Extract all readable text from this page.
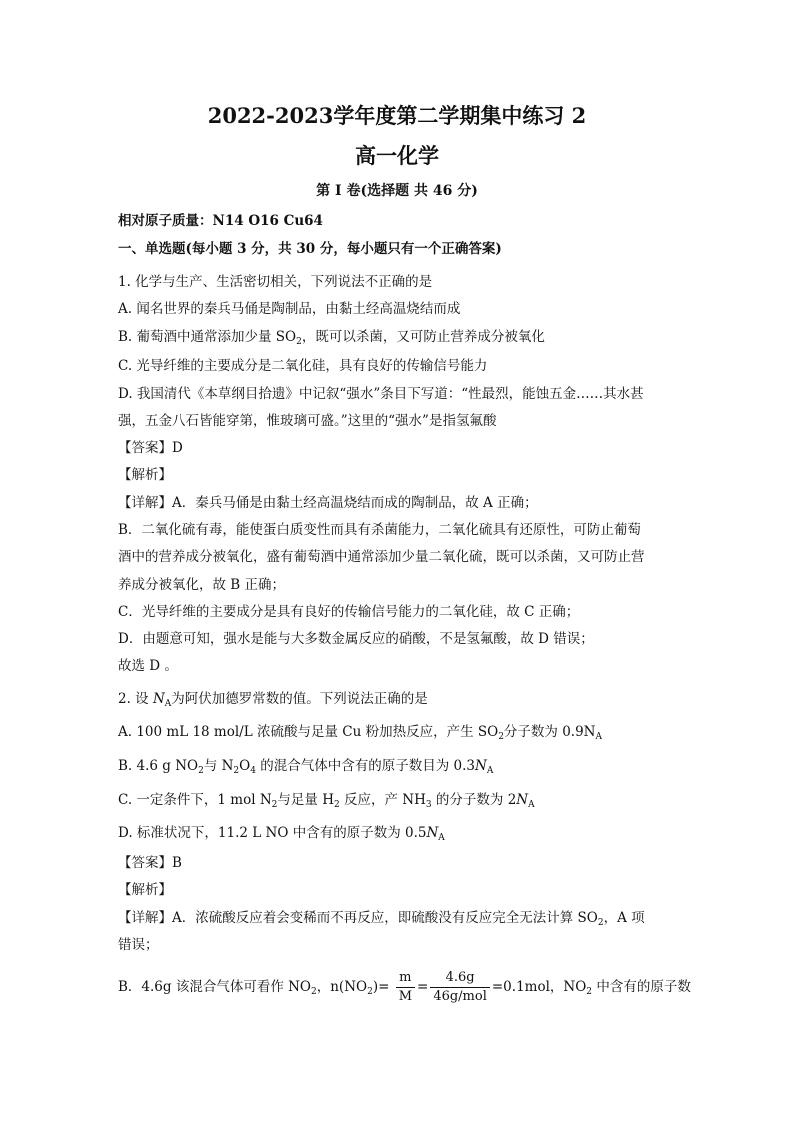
2022-2023学年度第二学期集中练习 2
高一化学
第 I 卷(选择题 共 46 分)
相对原子质量：N14 O16 Cu64
一、单选题(每小题 3 分，共 30 分，每小题只有一个正确答案)
1. 化学与生产、生活密切相关，下列说法不正确的是
A. 闻名世界的秦兵马俑是陶制品，由黏土经高温烧结而成
B. 葡萄酒中通常添加少量 $SO_2$，既可以杀菌，又可防止营养成分被氧化
C. 光导纤维的主要成分是二氧化硅，具有良好的传输信号能力
D. 我国清代《本草纲目拾遗》中记叙“强水”条目下写道：“性最烈，能蚀五金……其水甚
强，五金八石皆能穿第，惟玻璃可盛。”这里的“强水”是指氢氟酸
【答案】D
【解析】
【详解】A．秦兵马俑是由黏土经高温烧结而成的陶制品，故 A 正确；
B．二氧化硫有毒，能使蛋白质变性而具有杀菌能力，二氧化硫具有还原性，可防止葡萄
酒中的营养成分被氧化，盛有葡萄酒中通常添加少量二氧化硫，既可以杀菌，又可防止营
养成分被氧化，故 B 正确；
C．光导纤维的主要成分是具有良好的传输信号能力的二氧化硅，故 C 正确；
D．由题意可知，强水是能与大多数金属反应的硝酸，不是氢氟酸，故 D 错误；
故选 D 。
2. 设 $N_A$为阿伏加德罗常数的值。下列说法正确的是
A. 100 mL 18 mol/L 浓硫酸与足量 Cu 粉加热反应，产生 $SO_2$分子数为 $0.9N_A$
B. 4.6 g $NO_2$与 $N_2O_4$ 的混合气体中含有的原子数目为 $0.3N_A$
C. 一定条件下，1 mol $N_2$与足量 $H_2$ 反应，产 $NH_3$ 的分子数为 $2N_A$
D. 标准状况下，11.2 L NO 中含有的原子数为 $0.5N_A$
【答案】B
【解析】
【详解】A．浓硫酸反应着会变稀而不再反应，即硫酸没有反应完全无法计算 $SO_2$，A 项
错误；
B．4.6g 该混合气体可看作 $NO_2$，$n(NO_2)= \frac{m}{M} = \frac{4.6g}{\text{46g/mol}} =0.1mol$，$NO_2$ 中含有的原子数
